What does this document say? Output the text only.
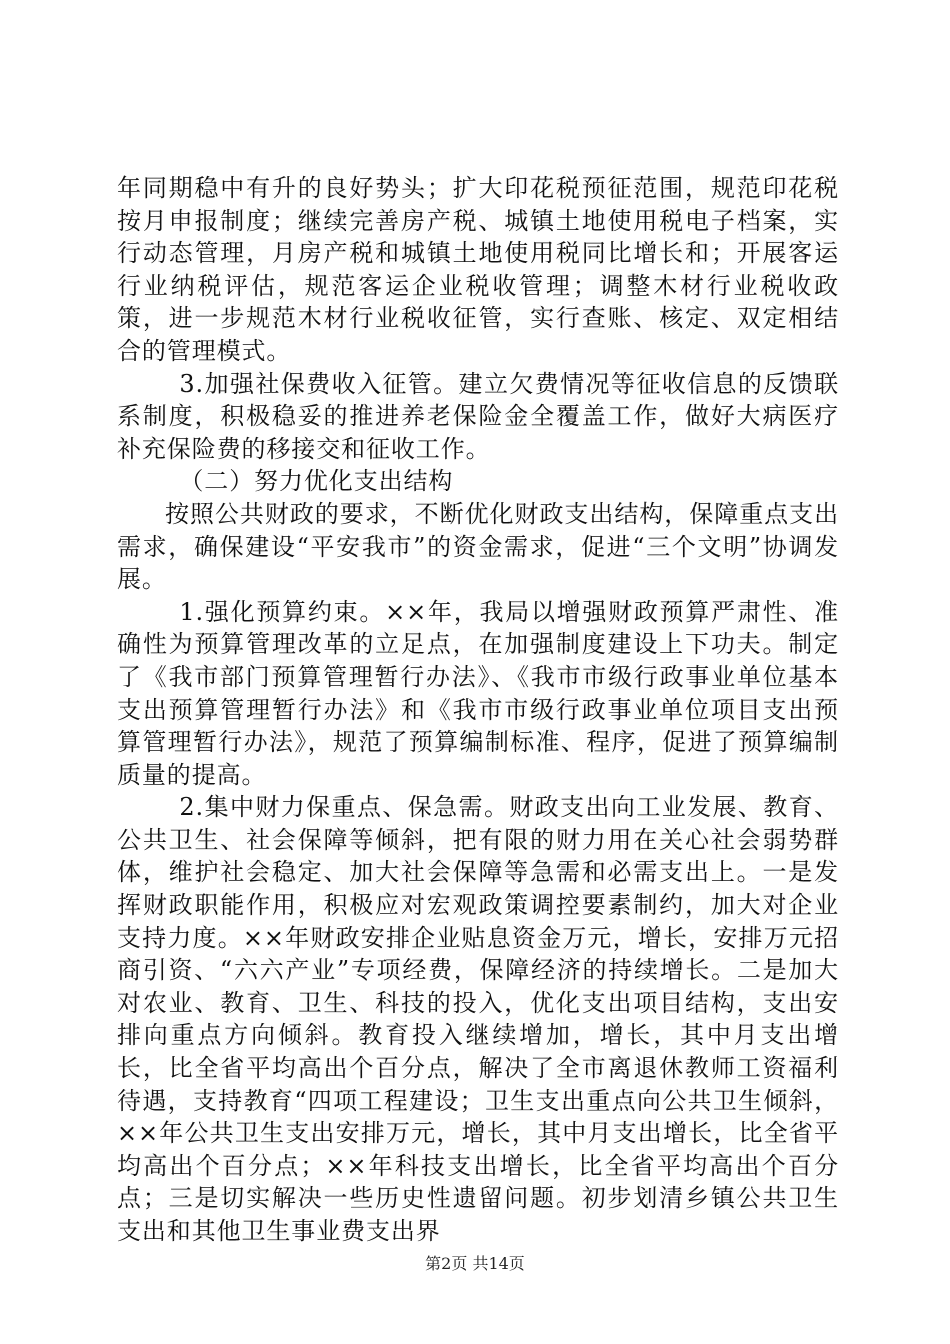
年同期稳中有升的良好势头；扩大印花税预征范围，规范印花税按月申报制度；继续完善房产税、城镇土地使用税电子档案，实行动态管理，月房产税和城镇土地使用税同比增长和；开展客运行业纳税评估，规范客运企业税收管理；调整木材行业税收政策，进一步规范木材行业税收征管，实行查账、核定、双定相结合的管理模式。

3.加强社保费收入征管。建立欠费情况等征收信息的反馈联系制度，积极稳妥的推进养老保险金全覆盖工作，做好大病医疗补充保险费的移接交和征收工作。

（二）努力优化支出结构

按照公共财政的要求，不断优化财政支出结构，保障重点支出需求，确保建设“平安我市”的资金需求，促进“三个文明”协调发展。

1.强化预算约束。××年，我局以增强财政预算严肃性、准确性为预算管理改革的立足点，在加强制度建设上下功夫。制定了《我市部门预算管理暂行办法》、《我市市级行政事业单位基本支出预算管理暂行办法》和《我市市级行政事业单位项目支出预算管理暂行办法》，规范了预算编制标准、程序，促进了预算编制质量的提高。

2.集中财力保重点、保急需。财政支出向工业发展、教育、公共卫生、社会保障等倾斜，把有限的财力用在关心社会弱势群体，维护社会稳定、加大社会保障等急需和必需支出上。一是发挥财政职能作用，积极应对宏观政策调控要素制约，加大对企业支持力度。××年财政安排企业贴息资金万元，增长，安排万元招商引资、“六六产业”专项经费，保障经济的持续增长。二是加大对农业、教育、卫生、科技的投入，优化支出项目结构，支出安排向重点方向倾斜。教育投入继续增加，增长，其中月支出增长，比全省平均高出个百分点，解决了全市离退休教师工资福利待遇，支持教育“四项工程建设；卫生支出重点向公共卫生倾斜，××年公共卫生支出安排万元，增长，其中月支出增长，比全省平均高出个百分点；××年科技支出增长，比全省平均高出个百分点；三是切实解决一些历史性遗留问题。初步划清乡镇公共卫生支出和其他卫生事业费支出界

第2页 共14页
